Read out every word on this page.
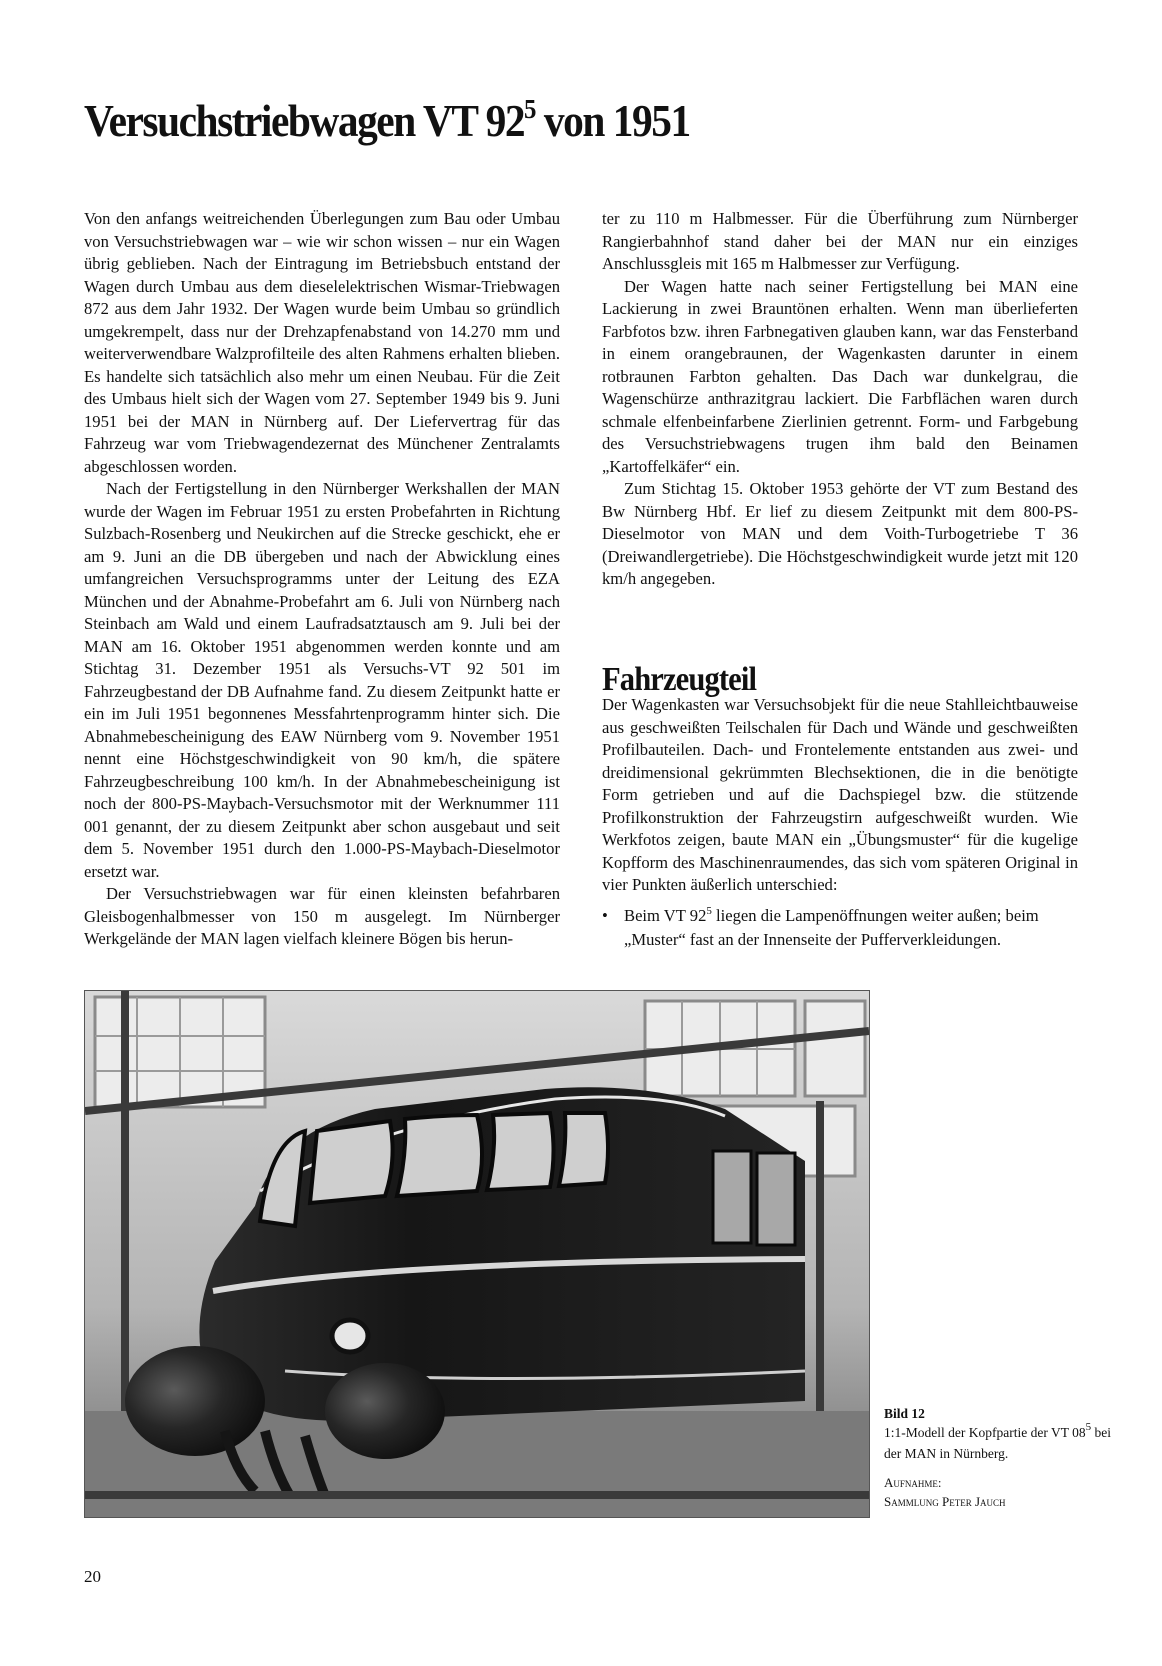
Versuchstriebwagen VT $92^5$ von 1951

Von den anfangs weitreichenden Überlegungen zum Bau oder Umbau von Versuchstriebwagen war – wie wir schon wissen – nur ein Wagen übrig geblieben. Nach der Eintragung im Betriebsbuch entstand der Wagen durch Umbau aus dem dieselelektrischen Wismar-Triebwagen 872 aus dem Jahr 1932. Der Wagen wurde beim Umbau so gründlich umgekrempelt, dass nur der Drehzapfenabstand von 14.270 mm und weiterverwendbare Walzprofilteile des alten Rahmens erhalten blieben. Es handelte sich tatsächlich also mehr um einen Neubau. Für die Zeit des Umbaus hielt sich der Wagen vom 27. September 1949 bis 9. Juni 1951 bei der MAN in Nürnberg auf. Der Liefervertrag für das Fahrzeug war vom Triebwagendezernat des Münchener Zentralamts abgeschlossen worden.

Nach der Fertigstellung in den Nürnberger Werkshallen der MAN wurde der Wagen im Februar 1951 zu ersten Probefahrten in Richtung Sulzbach-Rosenberg und Neukirchen auf die Strecke geschickt, ehe er am 9. Juni an die DB übergeben und nach der Abwicklung eines umfangreichen Versuchsprogramms unter der Leitung des EZA München und der Abnahme-Probefahrt am 6. Juli von Nürnberg nach Steinbach am Wald und einem Laufradsatztausch am 9. Juli bei der MAN am 16. Oktober 1951 abgenommen werden konnte und am Stichtag 31. Dezember 1951 als Versuchs-VT 92 501 im Fahrzeugbestand der DB Aufnahme fand. Zu diesem Zeitpunkt hatte er ein im Juli 1951 begonnenes Messfahrtenprogramm hinter sich. Die Abnahmebescheinigung des EAW Nürnberg vom 9. November 1951 nennt eine Höchstgeschwindigkeit von 90 km/h, die spätere Fahrzeugbeschreibung 100 km/h. In der Abnahmebescheinigung ist noch der 800-PS-Maybach-Versuchsmotor mit der Werknummer 111 001 genannt, der zu diesem Zeitpunkt aber schon ausgebaut und seit dem 5. November 1951 durch den 1.000-PS-Maybach-Dieselmotor ersetzt war.

Der Versuchstriebwagen war für einen kleinsten befahrbaren Gleisbogenhalbmesser von 150 m ausgelegt. Im Nürnberger Werkgelände der MAN lagen vielfach kleinere Bögen bis herun-

ter zu 110 m Halbmesser. Für die Überführung zum Nürnberger Rangierbahnhof stand daher bei der MAN nur ein einziges Anschlussgleis mit 165 m Halbmesser zur Verfügung.

Der Wagen hatte nach seiner Fertigstellung bei MAN eine Lackierung in zwei Brauntönen erhalten. Wenn man überlieferten Farbfotos bzw. ihren Farbnegativen glauben kann, war das Fensterband in einem orangebraunen, der Wagenkasten darunter in einem rotbraunen Farbton gehalten. Das Dach war dunkelgrau, die Wagenschürze anthrazitgrau lackiert. Die Farbflächen waren durch schmale elfenbeinfarbene Zierlinien getrennt. Form- und Farbgebung des Versuchstriebwagens trugen ihm bald den Beinamen „Kartoffelkäfer“ ein.

Zum Stichtag 15. Oktober 1953 gehörte der VT zum Bestand des Bw Nürnberg Hbf. Er lief zu diesem Zeitpunkt mit dem 800-PS-Dieselmotor von MAN und dem Voith-Turbogetriebe T 36 (Dreiwandlergetriebe). Die Höchstgeschwindigkeit wurde jetzt mit 120 km/h angegeben.

Fahrzeugteil

Der Wagenkasten war Versuchsobjekt für die neue Stahlleichtbauweise aus geschweißten Teilschalen für Dach und Wände und geschweißten Profilbauteilen. Dach- und Frontelemente entstanden aus zwei- und dreidimensional gekrümmten Blechsektionen, die in die benötigte Form getrieben und auf die Dachspiegel bzw. die stützende Profilkonstruktion der Fahrzeugstirn aufgeschweißt wurden. Wie Werkfotos zeigen, baute MAN ein „Übungsmuster“ für die kugelige Kopfform des Maschinenraumendes, das sich vom späteren Original in vier Punkten äußerlich unterschied:

• Beim VT $92^5$ liegen die Lampenöffnungen weiter außen; beim „Muster“ fast an der Innenseite der Pufferverkleidungen.
Bild 12
1:1-Modell der Kopfpartie der VT $08^5$ bei der MAN in Nürnberg.
Aufnahme:
Sammlung Peter Jauch
20
